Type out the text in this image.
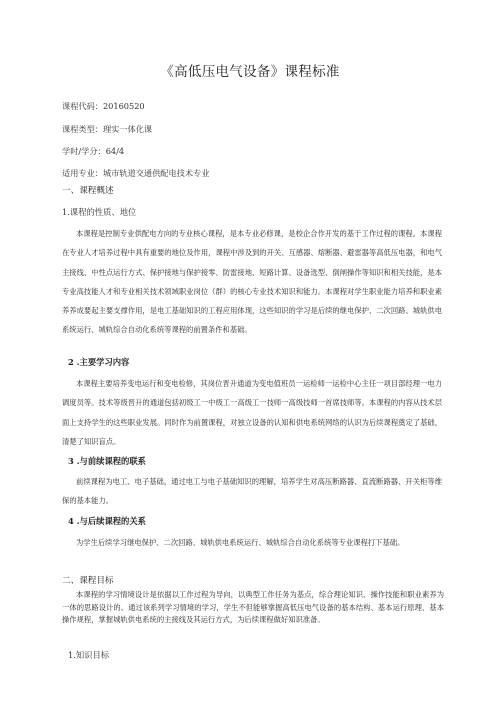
《高低压电气设备》课程标准
课程代码：20160520
课程类型：理实一体化课
学时/学分：64/4
适用专业：城市轨道交通供配电技术专业
一、课程概述
1.课程的性质、地位

本课程是控制专业供配电方向的专业核心课程，是本专业必修课，是校企合作开发的基于工作过程的课程。本课程在专业人才培养过程中具有重要的地位及作用，课程中涉及到的开关、互感器、熔断器、避雷器等高低压电器，和电气主接线、中性点运行方式、保护接地与保护接零、防雷接地、短路计算、设备选型、倒闸操作等知识和相关技能，是本专业高技能人才和专业相关技术领域职业岗位（群）的核心专业技术知识和能力。本课程对学生职业能力培养和职业素养养成要起主要支撑作用，是电工基础知识的工程应用体现，这些知识的学习是后续的继电保护、二次回路、城轨供电系统运行、城轨综合自动化系统等课程的前置条件和基础。

2 .主要学习内容

本课程主要培养变电运行和变电检修，其岗位晋升通道为变电值班员一运检师一运检中心主任一项目部经理一电力调度员等。技术等级晋升的通道包括初级工一中级工一高级工一技师一高级技师一首席技师等。本课程的内容从技术层面上支持学生的这些职业发展。同时作为前置课程，对独立设备的认知和供电系统网络的认识为后续课程奠定了基础，清楚了知识盲点。

3 .与前续课程的联系

前续课程为电工、电子基础，通过电工与电子基础知识的理解，培养学生对高压断路器、直流断路器、开关柜等维保的基本能力。

4 .与后续课程的关系

为学生后续学习继电保护、二次回路、城轨供电系统运行、城轨综合自动化系统等专业课程打下基础。

二、课程目标

本课程的学习情境设计是依据以工作过程为导向，以典型工作任务为基点，综合理论知识、操作技能和职业素养为一体的思路设计的。通过该系列学习情境的学习，学生不但能够掌握高低压电气设备的基本结构、基本运行原理、基本操作规程，掌握城轨供电系统的主接线及其运行方式，为后续课程做好知识准备。

1.知识目标
